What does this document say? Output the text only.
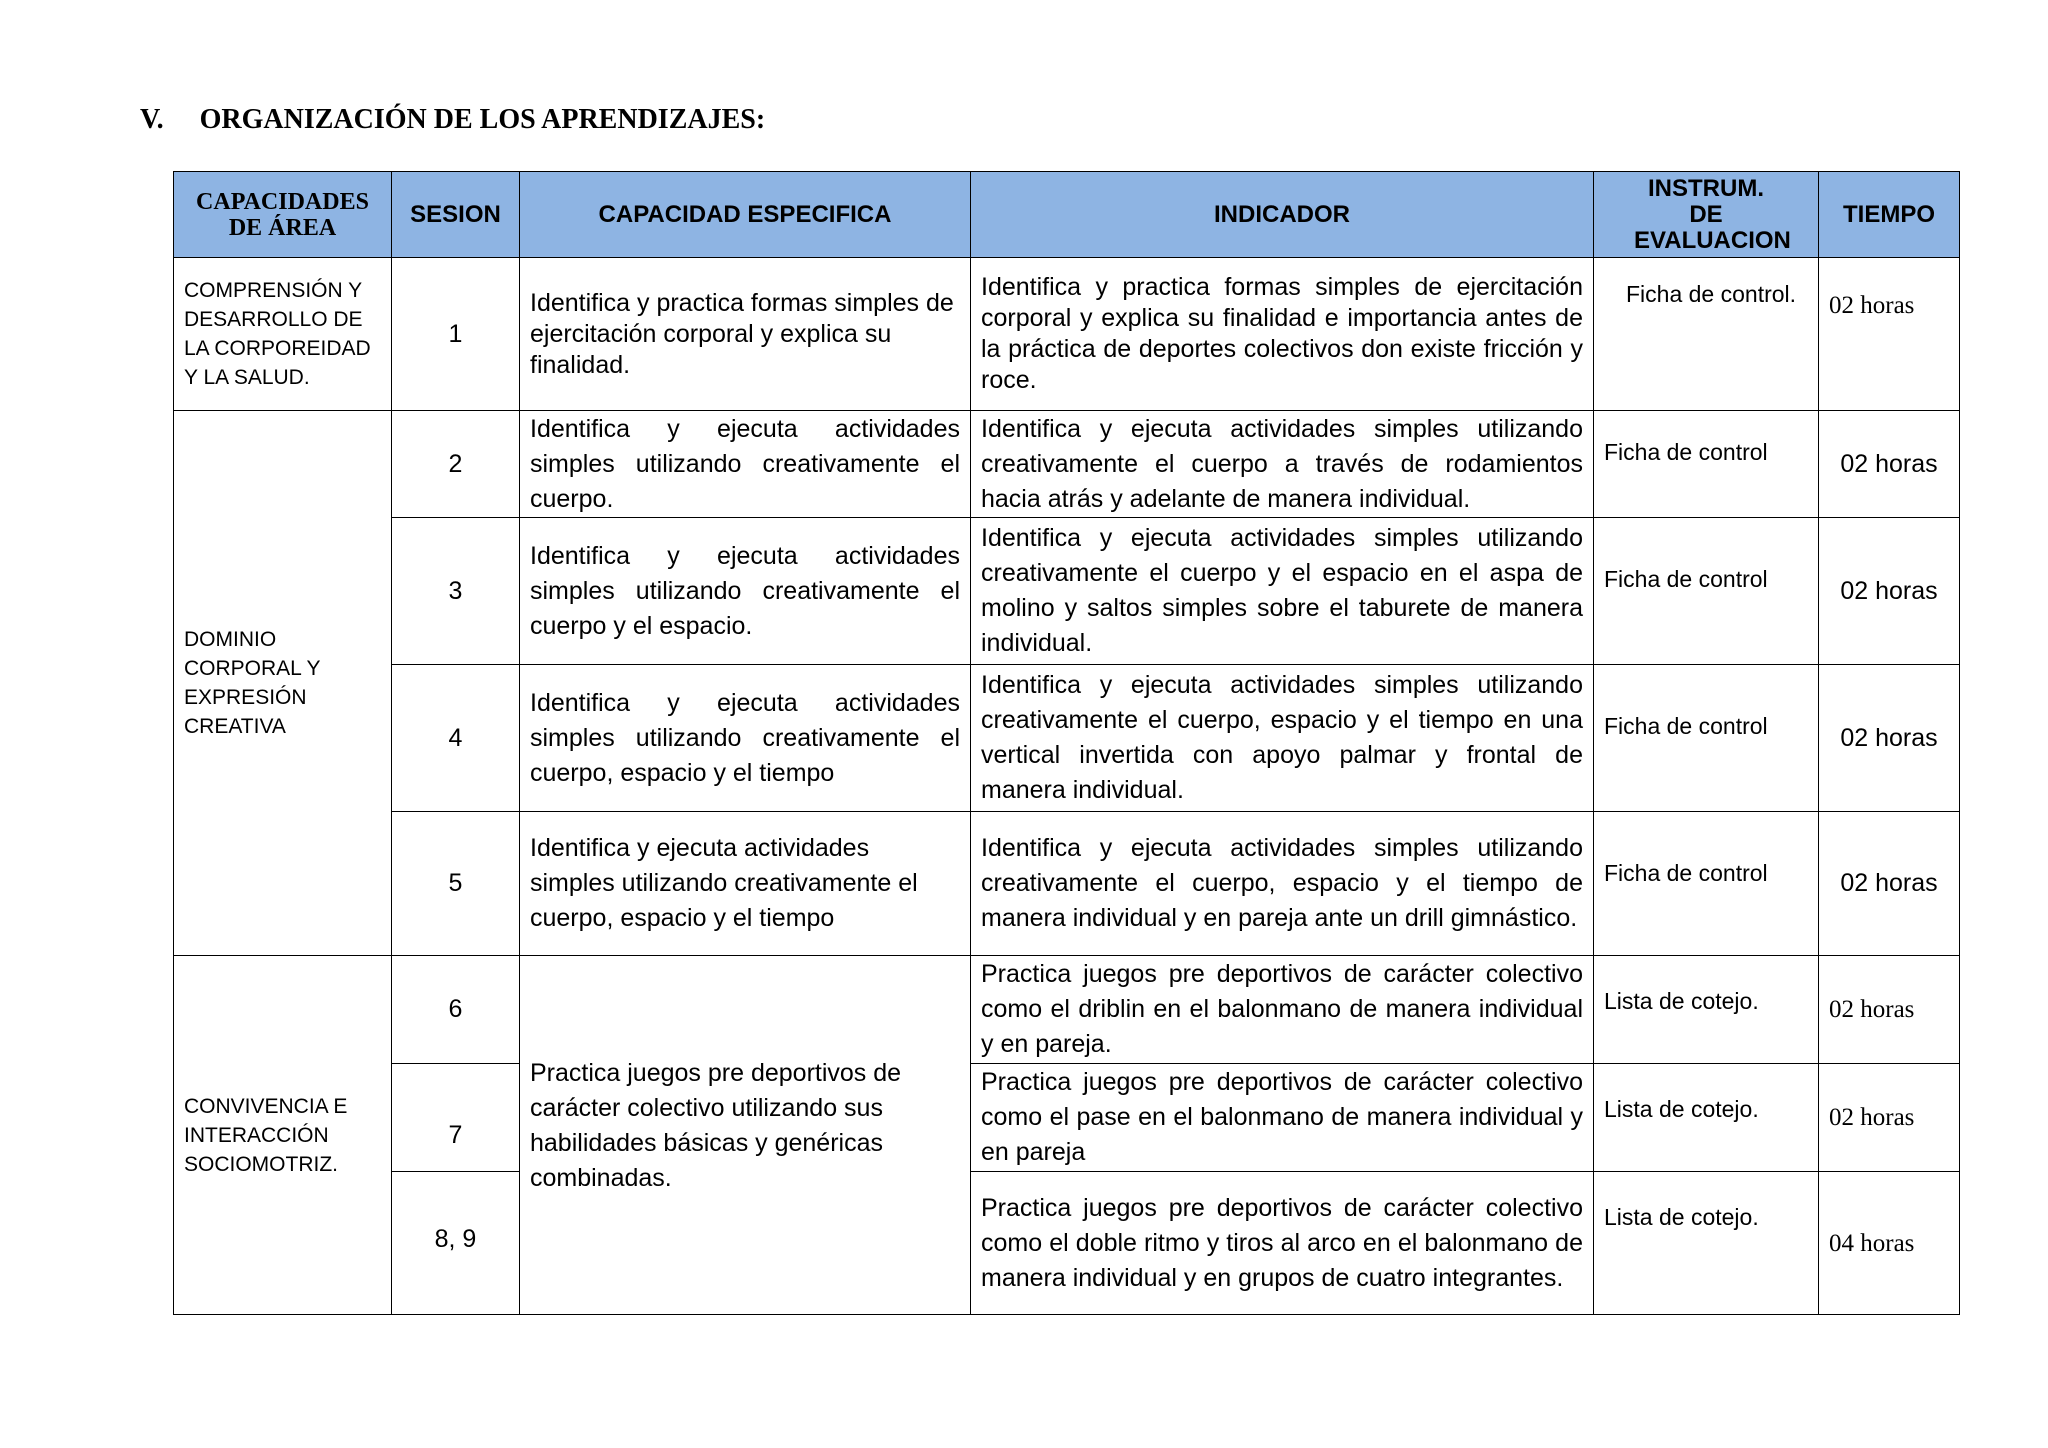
V. ORGANIZACIÓN DE LOS APRENDIZAJES:
CAPACIDADES DE ÁREA	SESION	CAPACIDAD ESPECIFICA	INDICADOR	INSTRUM. DE EVALUACION	TIEMPO
COMPRENSIÓN Y DESARROLLO DE LA CORPOREIDAD Y LA SALUD.	1	Identifica y practica formas simples de ejercitación corporal y explica su finalidad.	Identifica y practica formas simples de ejercitación corporal y explica su finalidad e importancia antes de la práctica de deportes colectivos don existe fricción y roce.	Ficha de control.	02 horas
DOMINIO CORPORAL Y EXPRESIÓN CREATIVA	2	Identifica y ejecuta actividades simples utilizando creativamente el cuerpo.	Identifica y ejecuta actividades simples utilizando creativamente el cuerpo a través de rodamientos hacia atrás y adelante de manera individual.	Ficha de control	02 horas
	3	Identifica y ejecuta actividades simples utilizando creativamente el cuerpo y el espacio.	Identifica y ejecuta actividades simples utilizando creativamente el cuerpo y el espacio en el aspa de molino y saltos simples sobre el taburete de manera individual.	Ficha de control	02 horas
	4	Identifica y ejecuta actividades simples utilizando creativamente el cuerpo, espacio y el tiempo	Identifica y ejecuta actividades simples utilizando creativamente el cuerpo, espacio y el tiempo en una vertical invertida con apoyo palmar y frontal de manera individual.	Ficha de control	02 horas
	5	Identifica y ejecuta actividades simples utilizando creativamente el cuerpo, espacio y el tiempo	Identifica y ejecuta actividades simples utilizando creativamente el cuerpo, espacio y el tiempo de manera individual y en pareja ante un drill gimnástico.	Ficha de control	02 horas
CONVIVENCIA E INTERACCIÓN SOCIOMOTRIZ.	6	Practica juegos pre deportivos de carácter colectivo utilizando sus habilidades básicas y genéricas combinadas.	Practica juegos pre deportivos de carácter colectivo como el driblin en el balonmano de manera individual y en pareja.	Lista de cotejo.	02 horas
	7		Practica juegos pre deportivos de carácter colectivo como el pase en el balonmano de manera individual y en pareja	Lista de cotejo.	02 horas
	8, 9		Practica juegos pre deportivos de carácter colectivo como el doble ritmo y tiros al arco en el balonmano de manera individual y en grupos de cuatro integrantes.	Lista de cotejo.	04 horas
